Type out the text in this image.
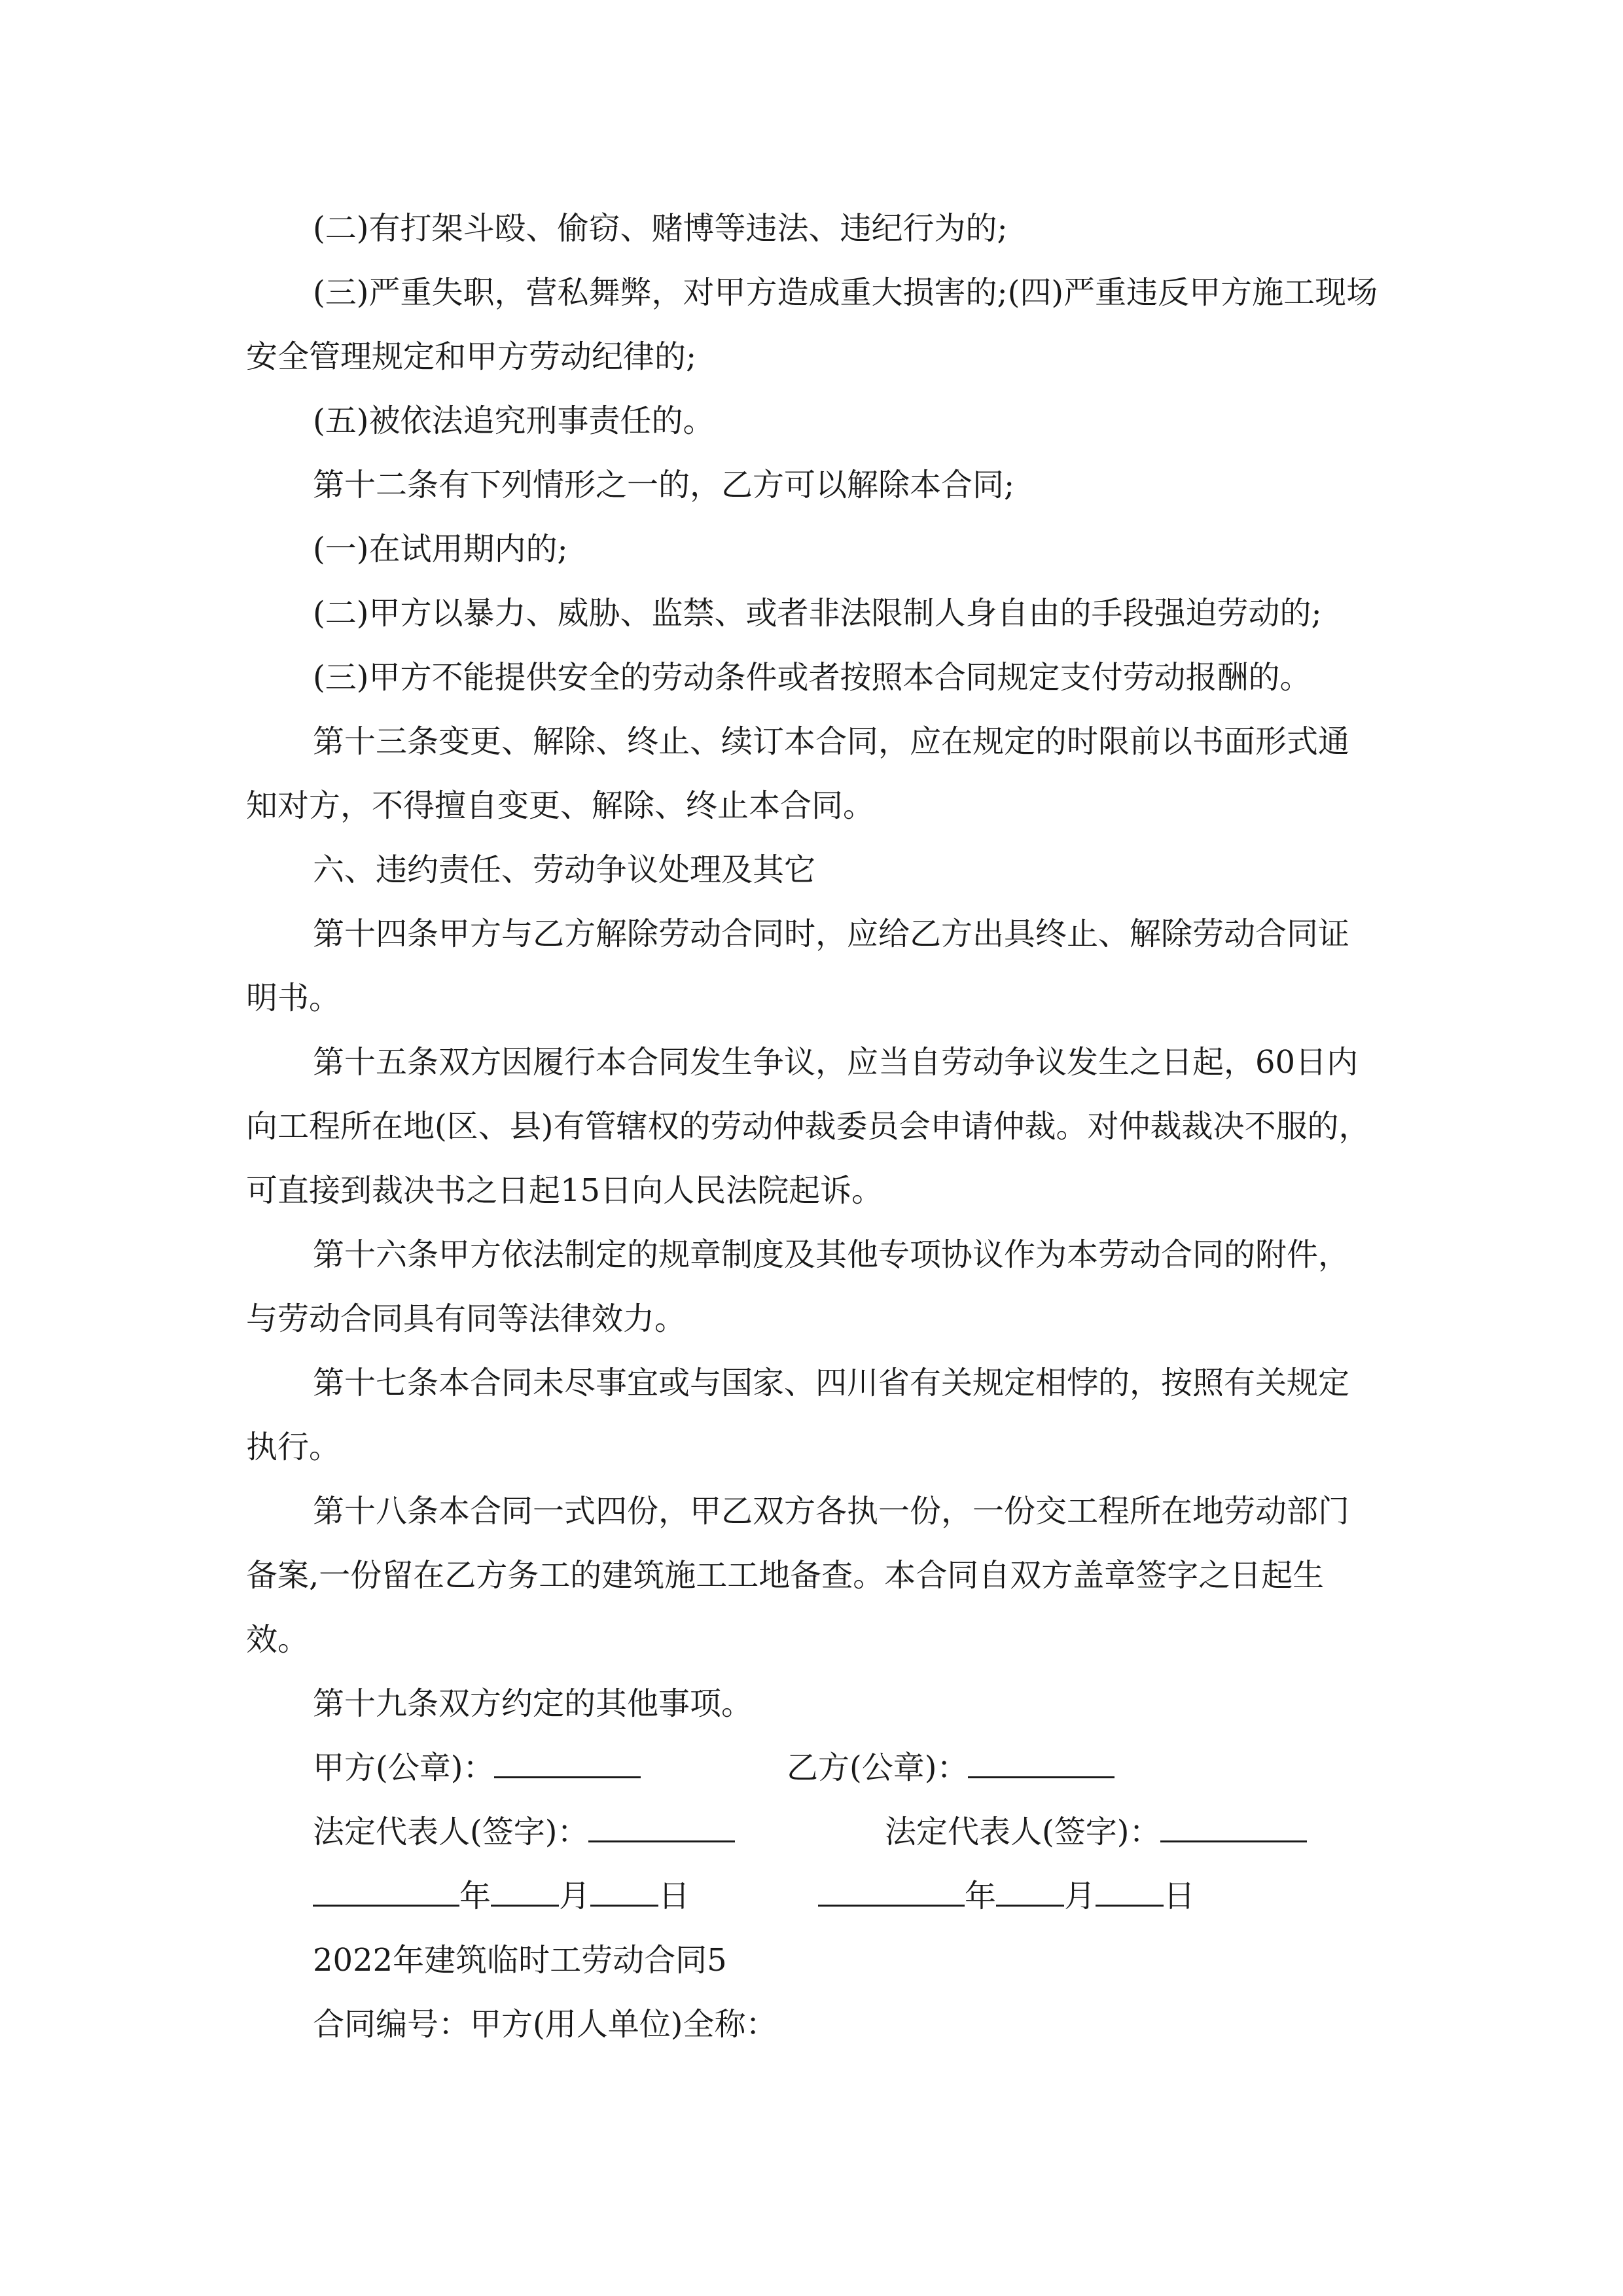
(二)有打架斗殴、偷窃、赌博等违法、违纪行为的;

(三)严重失职，营私舞弊，对甲方造成重大损害的;(四)严重违反甲方施工现场安全管理规定和甲方劳动纪律的;

(五)被依法追究刑事责任的。

第十二条有下列情形之一的，乙方可以解除本合同;

(一)在试用期内的;

(二)甲方以暴力、威胁、监禁、或者非法限制人身自由的手段强迫劳动的;

(三)甲方不能提供安全的劳动条件或者按照本合同规定支付劳动报酬的。

第十三条变更、解除、终止、续订本合同，应在规定的时限前以书面形式通知对方，不得擅自变更、解除、终止本合同。

六、违约责任、劳动争议处理及其它

第十四条甲方与乙方解除劳动合同时，应给乙方出具终止、解除劳动合同证明书。

第十五条双方因履行本合同发生争议，应当自劳动争议发生之日起，60日内向工程所在地(区、县)有管辖权的劳动仲裁委员会申请仲裁。对仲裁裁决不服的，可直接到裁决书之日起15日向人民法院起诉。

第十六条甲方依法制定的规章制度及其他专项协议作为本劳动合同的附件，与劳动合同具有同等法律效力。

第十七条本合同未尽事宜或与国家、四川省有关规定相悖的，按照有关规定执行。

第十八条本合同一式四份，甲乙双方各执一份，一份交工程所在地劳动部门备案,一份留在乙方务工的建筑施工工地备查。本合同自双方盖章签字之日起生效。

第十九条双方约定的其他事项。

甲方(公章)：	乙方(公章)：
法定代表人(签字)：	法定代表人(签字)：
年 月 日	年 月 日

2022年建筑临时工劳动合同5

合同编号：甲方(用人单位)全称：
